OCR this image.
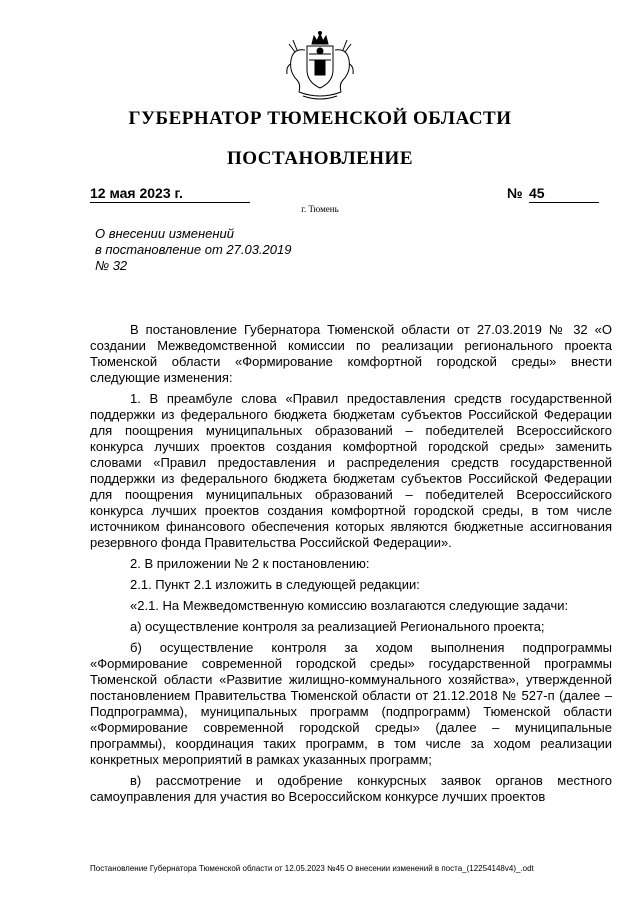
ГУБЕРНАТОР ТЮМЕНСКОЙ ОБЛАСТИ
ПОСТАНОВЛЕНИЕ
12 мая 2023 г.	№ 45
г. Тюмень
О внесении изменений
в постановление от 27.03.2019
№ 32

В постановление Губернатора Тюменской области от 27.03.2019 № 32 «О создании Межведомственной комиссии по реализации регионального проекта Тюменской области «Формирование комфортной городской среды» внести следующие изменения:

1. В преамбуле слова «Правил предоставления средств государственной поддержки из федерального бюджета бюджетам субъектов Российской Федерации для поощрения муниципальных образований – победителей Всероссийского конкурса лучших проектов создания комфортной городской среды» заменить словами «Правил предоставления и распределения средств государственной поддержки из федерального бюджета бюджетам субъектов Российской Федерации для поощрения муниципальных образований – победителей Всероссийского конкурса лучших проектов создания комфортной городской среды, в том числе источником финансового обеспечения которых являются бюджетные ассигнования резервного фонда Правительства Российской Федерации».

2. В приложении № 2 к постановлению:

2.1. Пункт 2.1 изложить в следующей редакции:

«2.1. На Межведомственную комиссию возлагаются следующие задачи:

а) осуществление контроля за реализацией Регионального проекта;

б) осуществление контроля за ходом выполнения подпрограммы «Формирование современной городской среды» государственной программы Тюменской области «Развитие жилищно-коммунального хозяйства», утвержденной постановлением Правительства Тюменской области от 21.12.2018 № 527-п (далее – Подпрограмма), муниципальных программ (подпрограмм) Тюменской области «Формирование современной городской среды» (далее – муниципальные программы), координация таких программ, в том числе за ходом реализации конкретных мероприятий в рамках указанных программ;

в) рассмотрение и одобрение конкурсных заявок органов местного самоуправления для участия во Всероссийском конкурсе лучших проектов

Постановление Губернатора Тюменской области от 12.05.2023 №45 О внесении изменений в поста_(12254148v4)_.odt
